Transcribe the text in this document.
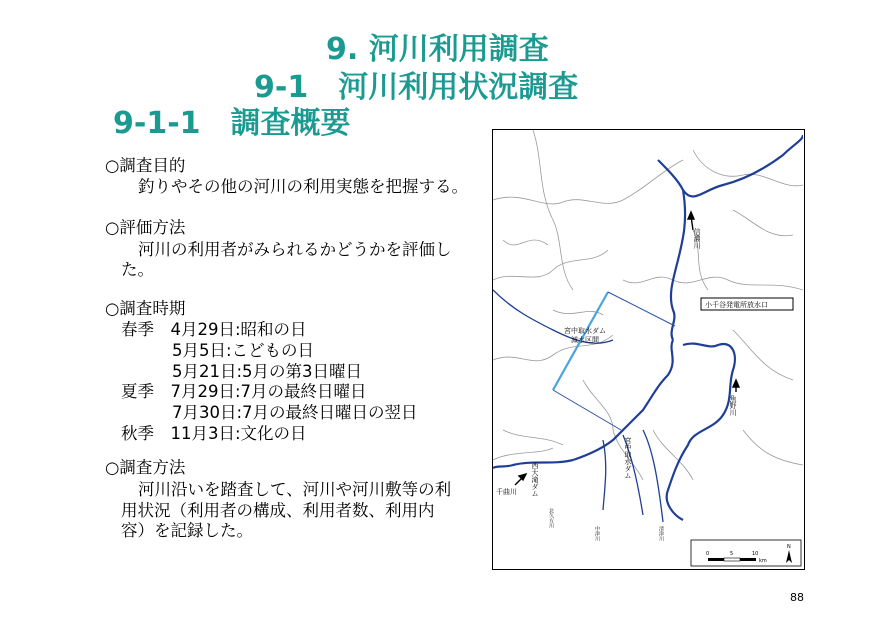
9. 河川利用調査
9-1　河川利用状況調査
9-1-1　調査概要
○調査目的
釣りやその他の河川の利用実態を把握する。
○評価方法
河川の利用者がみられるかどうかを評価し
た。
○調査時期
春季　4月29日:昭和の日
5月5日:こどもの日
5月21日:5月の第3日曜日
夏季　7月29日:7月の最終日曜日
7月30日:7月の最終日曜日の翌日
秋季　11月3日:文化の日
○調査方法
河川沿いを踏査して、河川や河川敷等の利
用状況（利用者の構成、利用者数、利用内
容）を記録した。
小千谷発電所放水口
宮中取水ダム
減水区間
千曲川
信濃川
魚野川
宮中取水ダム
西大滝ダム
北久方川
中津川	清津川
0	5	10
km
N
88
